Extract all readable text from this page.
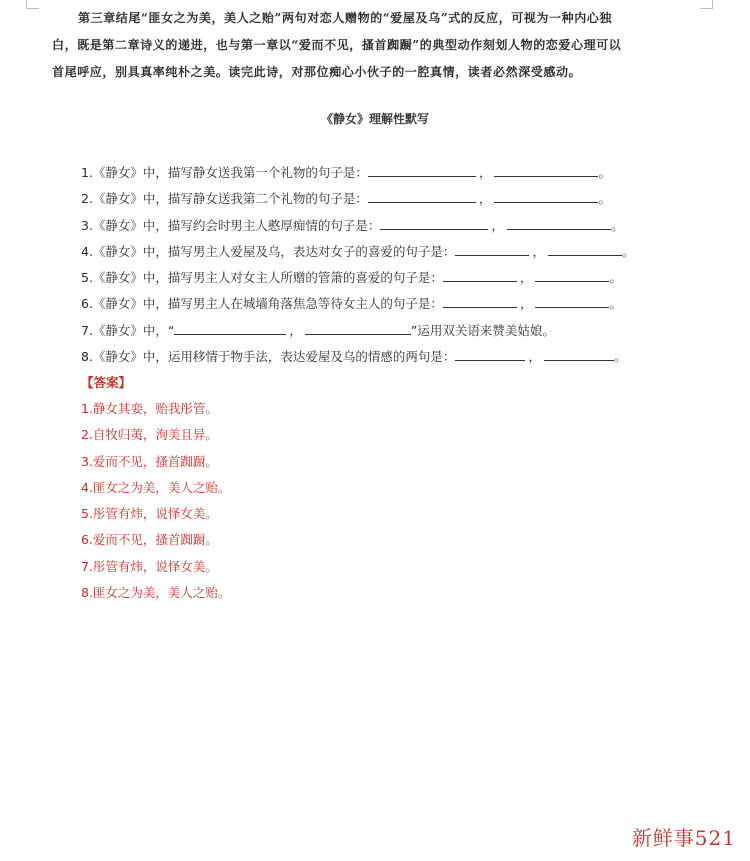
第三章结尾“匪女之为美，美人之贻”两句对恋人赠物的“爱屋及乌”式的反应，可视为一种内心独
白，既是第二章诗义的递进，也与第一章以“爱而不见，搔首踟蹰”的典型动作刻划人物的恋爱心理可以
首尾呼应，别具真率纯朴之美。读完此诗，对那位痴心小伙子的一腔真情，读者必然深受感动。

《静女》理解性默写
1.《静女》中，描写静女送我第一个礼物的句子是：	，	。
2.《静女》中，描写静女送我第二个礼物的句子是：	，	。
3.《静女》中，描写约会时男主人憨厚痴情的句子是：	，	。
4.《静女》中，描写男主人爱屋及乌，表达对女子的喜爱的句子是：	，	。
5.《静女》中，描写男主人对女主人所赠的管箫的喜爱的句子是：	，	。
6.《静女》中，描写男主人在城墙角落焦急等待女主人的句子是：	，	。
7.《静女》中，“	，	”运用双关语来赞美姑娘。
8.《静女》中，运用移情于物手法，表达爱屋及乌的情感的两句是：	，	。
【答案】
1.静女其娈，贻我彤管。
2.自牧归荑，洵美且异。
3.爱而不见，搔首踟蹰。
4.匪女之为美，美人之贻。
5.彤管有炜，说怿女美。
6.爱而不见，搔首踟蹰。
7.彤管有炜，说怿女美。
8.匪女之为美，美人之贻。
新鲜事521
